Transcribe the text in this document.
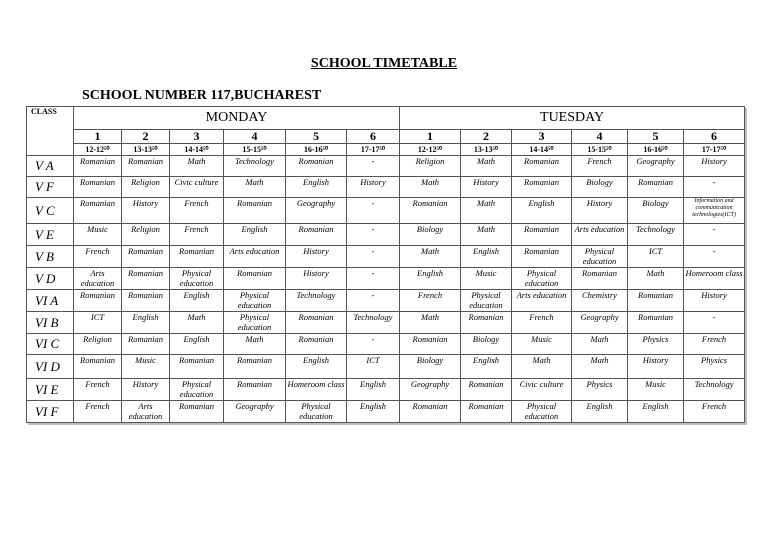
SCHOOL TIMETABLE
SCHOOL NUMBER 117,BUCHAREST
CLASS	MONDAY						TUESDAY					
	1	2	3	4	5	6	1	2	3	4	5	6
	12-12⁵⁰	13-13⁵⁰	14-14⁵⁰	15-15⁵⁰	16-16⁵⁰	17-17⁵⁰	12-12⁵⁰	13-13⁵⁰	14-14⁵⁰	15-15⁵⁰	16-16⁵⁰	17-17⁵⁰
V A	Romanian	Romanian	Math	Technology	Romanian	-	Religion	Math	Romanian	French	Geography	History
V F	Romanian	Religion	Civic culture	Math	English	History	Math	History	Romanian	Biology	Romanian	-
V C	Romanian	History	French	Romanian	Geography	-	Romanian	Math	English	History	Biology	Information and communication technologies(ICT)
V E	Music	Religion	French	English	Romanian	-	Biology	Math	Romanian	Arts education	Technology	-
V B	French	Romanian	Romanian	Arts education	History	-	Math	English	Romanian	Physical education	ICT	-
V D	Arts education	Romanian	Physical education	Romanian	History	-	English	Music	Physical education	Romanian	Math	Homeroom class
VI A	Romanian	Romanian	English	Physical education	Technology	-	French	Physical education	Arts education	Chemistry	Romanian	History
VI B	ICT	English	Math	Physical education	Romanian	Technology	Math	Romanian	French	Geography	Romanian	-
VI C	Religion	Romanian	English	Math	Romanian	-	Romanian	Biology	Music	Math	Physics	French
VI D	Romanian	Music	Romanian	Romanian	English	ICT	Biology	English	Math	Math	History	Physics
VI E	French	History	Physical education	Romanian	Homeroom class	English	Geography	Romanian	Civic culture	Physics	Music	Technology
VI F	French	Arts education	Romanian	Geography	Physical education	English	Romanian	Romanian	Physical education	English	English	French
